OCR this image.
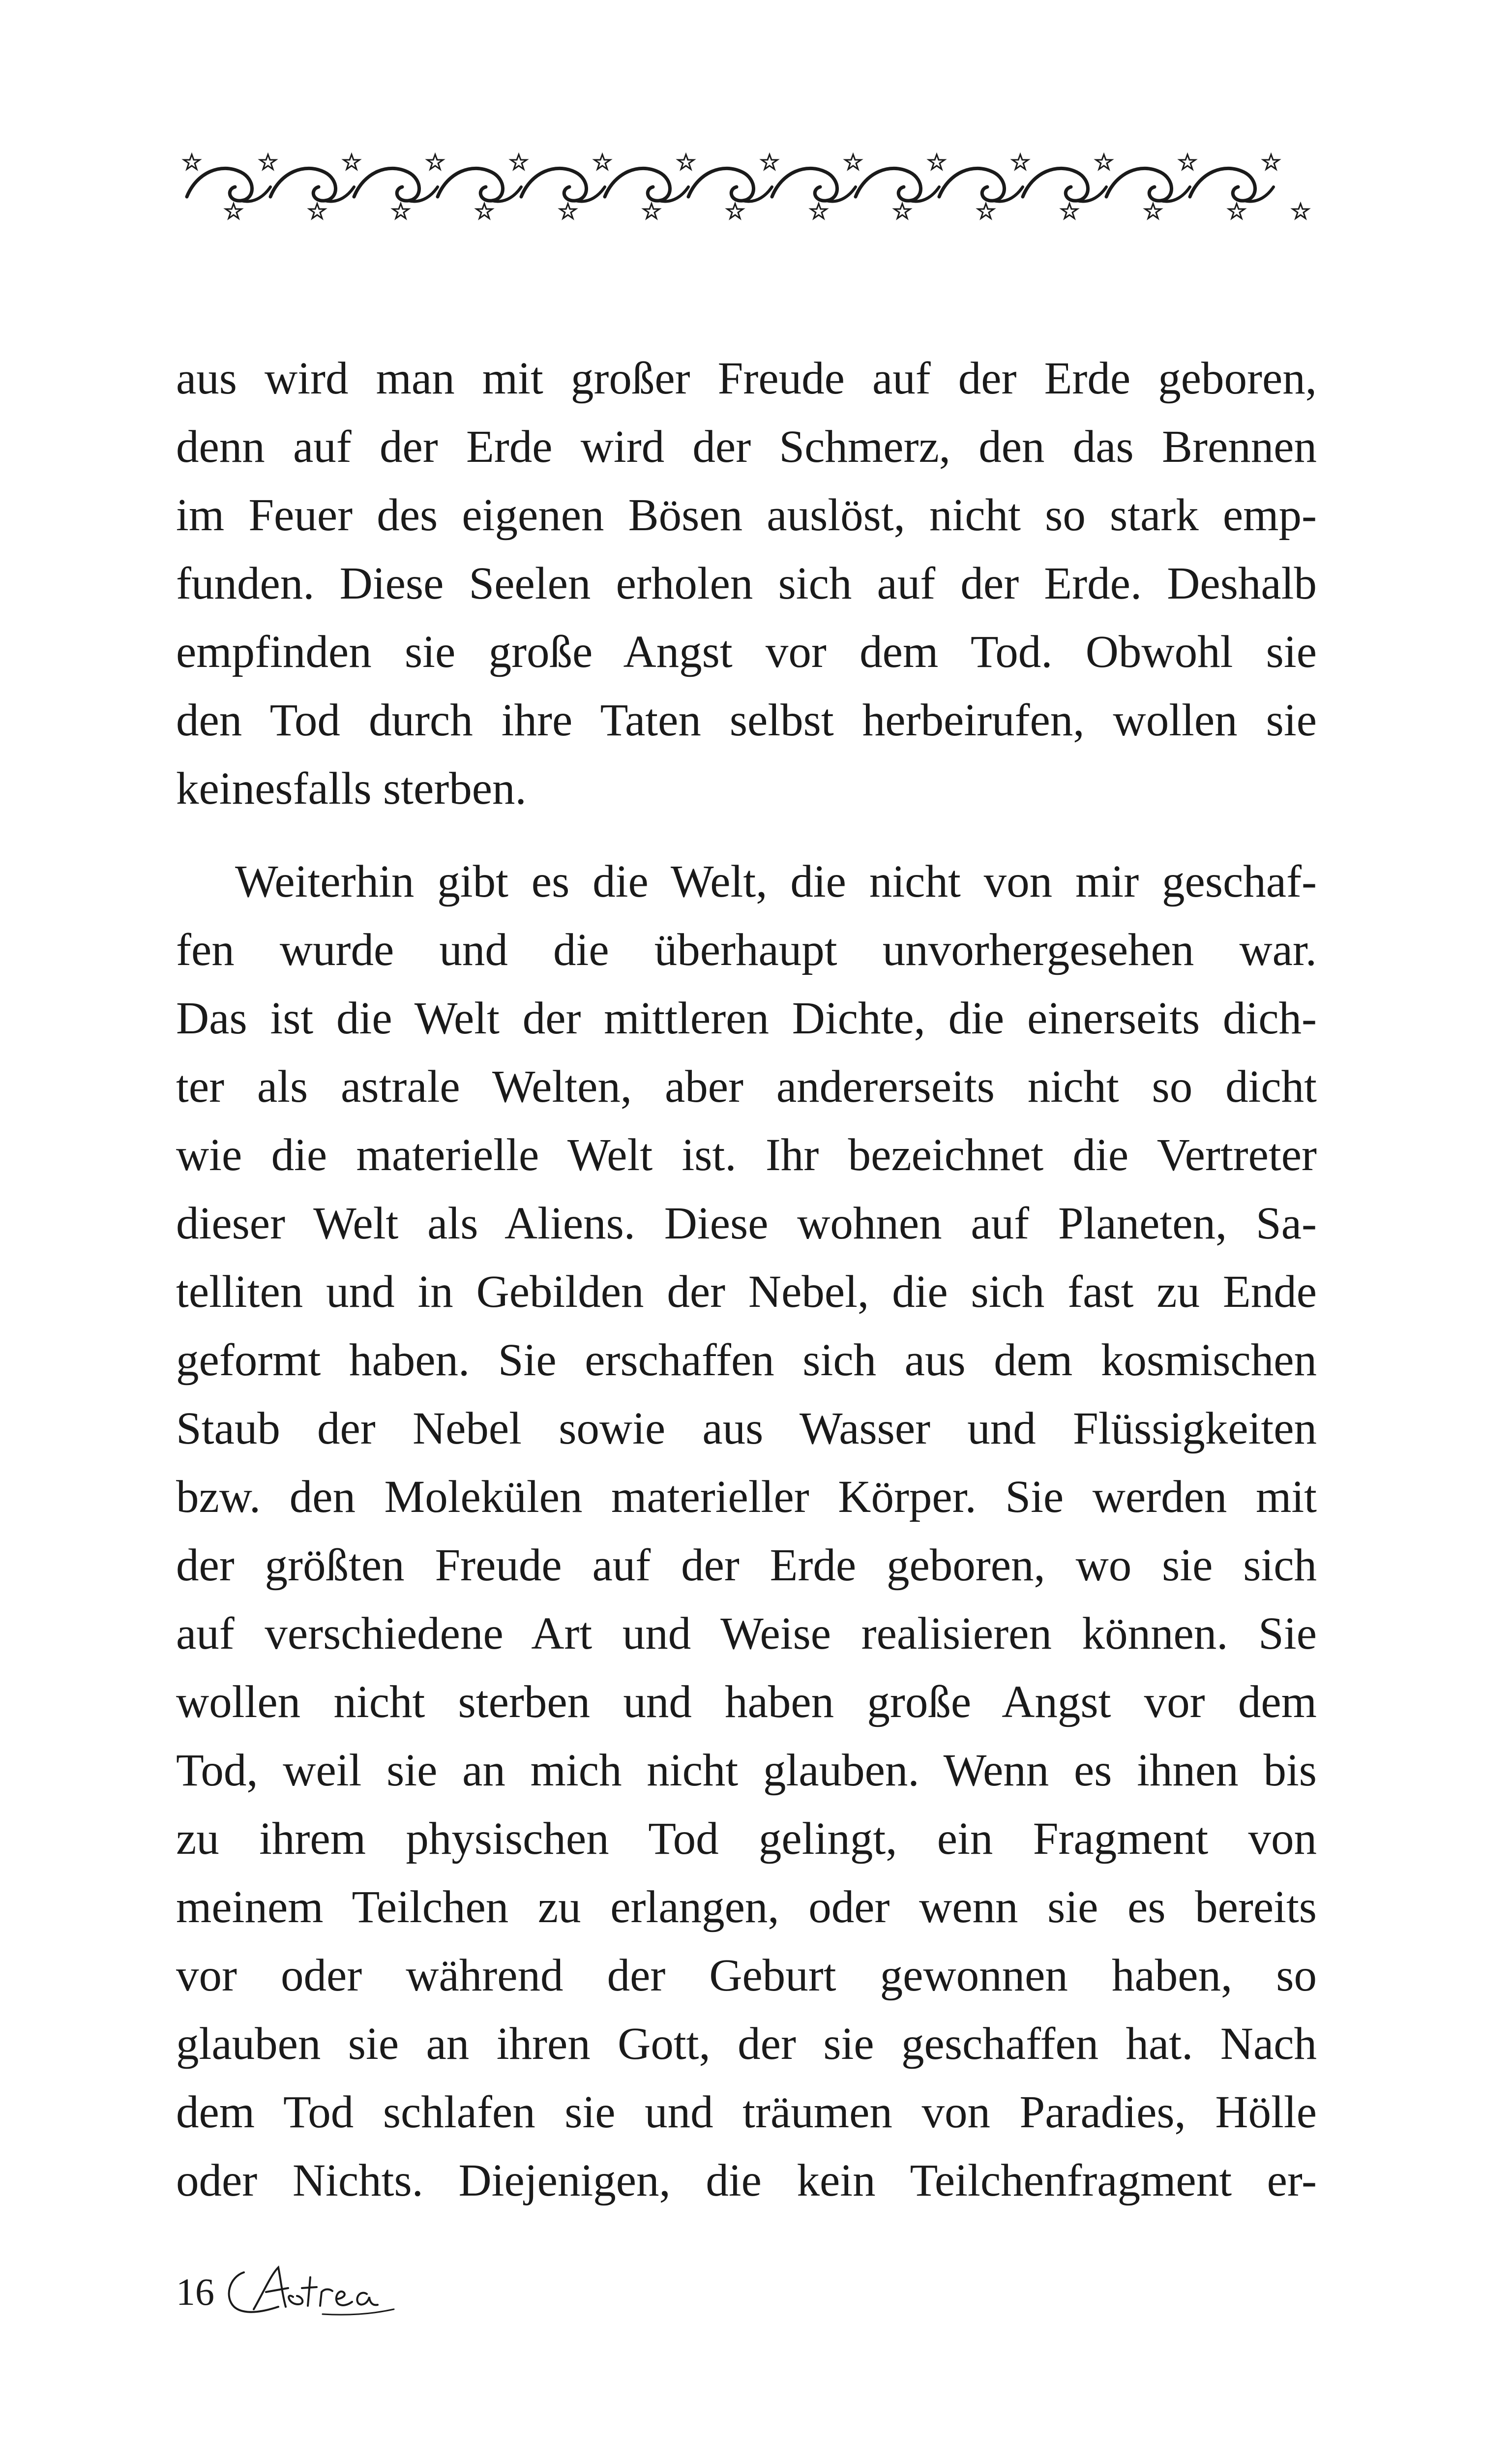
aus wird man mit großer Freude auf der Erde geboren,
denn auf der Erde wird der Schmerz, den das Brennen
im Feuer des eigenen Bösen auslöst, nicht so stark emp-
funden. Diese Seelen erholen sich auf der Erde. Deshalb
empfinden sie große Angst vor dem Tod. Obwohl sie
den Tod durch ihre Taten selbst herbeirufen, wollen sie
keinesfalls sterben.

Weiterhin gibt es die Welt, die nicht von mir geschaf-
fen wurde und die überhaupt unvorhergesehen war.
Das ist die Welt der mittleren Dichte, die einerseits dich-
ter als astrale Welten, aber andererseits nicht so dicht
wie die materielle Welt ist. Ihr bezeichnet die Vertreter
dieser Welt als Aliens. Diese wohnen auf Planeten, Sa-
telliten und in Gebilden der Nebel, die sich fast zu Ende
geformt haben. Sie erschaffen sich aus dem kosmischen
Staub der Nebel sowie aus Wasser und Flüssigkeiten
bzw. den Molekülen materieller Körper. Sie werden mit
der größten Freude auf der Erde geboren, wo sie sich
auf verschiedene Art und Weise realisieren können. Sie
wollen nicht sterben und haben große Angst vor dem
Tod, weil sie an mich nicht glauben. Wenn es ihnen bis
zu ihrem physischen Tod gelingt, ein Fragment von
meinem Teilchen zu erlangen, oder wenn sie es bereits
vor oder während der Geburt gewonnen haben, so
glauben sie an ihren Gott, der sie geschaffen hat. Nach
dem Tod schlafen sie und träumen von Paradies, Hölle
oder Nichts. Diejenigen, die kein Teilchenfragment er-

16
